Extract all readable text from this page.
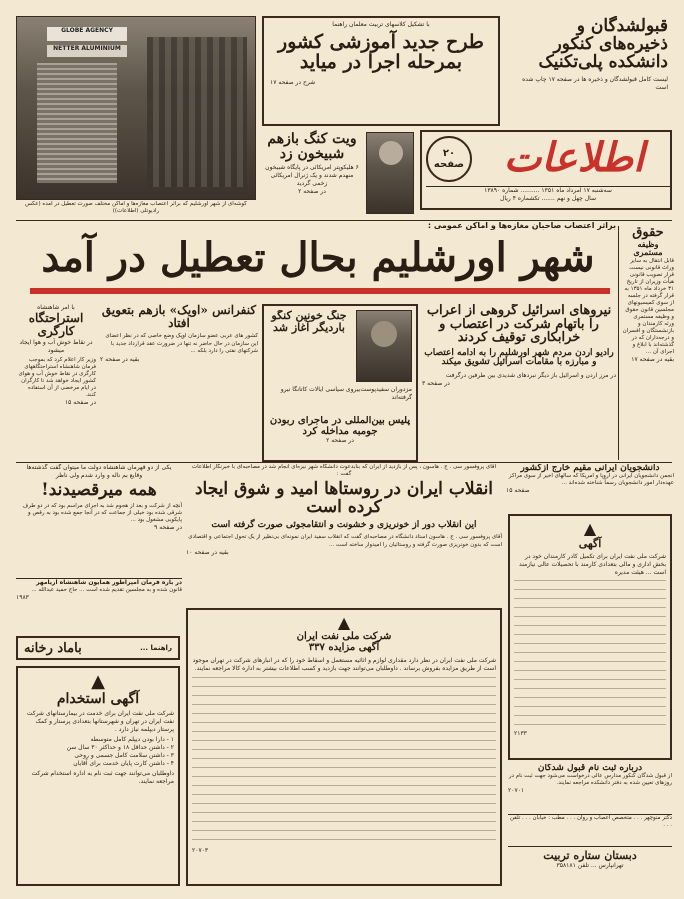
GLOBE AGENCY

NETTER ALUMINIUM

گوشه‌ای از شهر اورشلیم که براثر اعتصاب مغازه‌ها و اماکن مختلف صورت تعطیل در آمده (عکس رادیوتلی (اطلاعات))

با تشکیل کلاسهای تربیت معلمان راهنما

طرح جدید آموزشی کشور بمرحله اجرا در میاید

شرح در صفحه ۱۷

قبولشدگان و ذخیره‌های کنکور دانشکده پلی‌تکنیک

لیست کامل قبولشدگان و ذخیره ها در صفحه ۱۷ چاپ شده است

ویت کنگ بازهم شبیخون زد

۶ هلیکوپتر امریکائی در پایگاه شبیخون منهدم شدند و یک ژنرال امریکائی زخمی گردید

در صفحه ۲

۲۰ صفحه اطلاعات

سه‌شنبه ۱۷ امرداد ماه ۱۳۵۱ .......... شماره ۱۳۸۹۰

سال چهل و نهم ....... تکشماره ۴ ریال

براثر اعتصاب صاحبان مغازه‌ها و اماکن عمومی :

شهر اورشلیم بحال تعطیل در آمد

حقوق

وظیفه مستمری

قابل انتقال به سایر وراث قانونی نیست. قرار تصویب قانونی هیأت وزیران از تاریخ ۳۱ خرداد ماه ۱۳۵۱ به قرار گرفته در جلسه از سوی کمیسیونهای مجلسین قانون حقوق و وظیفه مستمری ورثه کارمندان و بازنشستگان و افسران و درجه‌داران که در گذشته‌اند با ابلاغ و اجرای آن ...

بقیه در صفحه ۱۷

نیروهای اسرائیل گروهی از اعراب را باتهام شرکت در اعتصاب و خرابکاری توقیف کردند

رادیو اردن مردم شهر اورشلیم را به ادامه اعتصاب و مبارزه با مقامات اسرائیل تشویق میکند

در مرز اردن و اسرائیل باز دیگر نبردهای شدیدی بین طرفین درگرفت

در صفحه ۳

جنگ خونین کنگو باردیگر آغاز شد

مزدوران سفیدپوست‌بیروی سیاسی ایالات کاتانگا نیرو گرفته‌اند

پلیس بین‌المللی در ماجرای ربودن جومبه مداخله کرد

در صفحه ۲

کنفرانس «اویک» بازهم بتعویق افتاد

کشور های عربی عضو سازمان اوپک وضع خاصی که در نظر اعضای این سازمان در حال حاضر نه تنها در ضرورت عقد قرارداد جدید با شرکتهای نفتی را دارد بلکه ...

بقیه در صفحه ۲

با امر شاهنشاه

استراحتگاه کارگری

در نقاط خوش آب و هوا ایجاد میشود

وزیر کار اعلام کرد که بموجب فرمان شاهنشاه استراحتگاههای کارگری در نقاط خوش آب و هوای کشور ایجاد خواهد شد تا کارگران در ایام مرخصی از آن استفاده کنند.

در صفحه ۱۵

دانشجویان ایرانی مقیم خارج ازکشور

انجمن دانشجویان ایرانی در اروپا و امریکا که سالهای اخیر از سوی مراکز عهده‌دار امور دانشجویان رسماً شناخته شده‌اند ...

صفحه ۱۵

آقای پروفسور سی . ج . هاسون ، پس از بازدید از ایران که بنابدعوت دانشگاه شهر نیزه‌ای انجام شد در مصاحبه‌ای با خبرنگار اطلاعات گفت :

انقلاب ایران در روستاها امید و شوق ایجاد کرده است

این انقلاب دور از خونریزی و خشونت و انتقامجوئی صورت گرفته است

آقای پروفسور سی . ج . هاسون استاد دانشگاه در مصاحبه‌ای گفت که انقلاب سفید ایران نمونه‌ای بی‌نظیر از یک تحول اجتماعی و اقتصادی است که بدون خونریزی صورت گرفته و روستائیان را امیدوار ساخته است ...

بقیه در صفحه ۱۰

یکی از دو قهرمان شاهنشاه دولت ما میتوان گفت گذشته‌ها

وقایع بم ناله و وارد شدم ولی ناظر

همه میرقصیدند!

آنچه از شرکت و بعد از هجوم شد به اجرای مراسم بود که در دو طرف شرقی شده بود خیلی از جماعت که در آنجا جمع شده بود به رقص و پایکوبی مشغول بود ...

در صفحه ۹

در باره فرمان امپراطور همایون شاهنشاه آریامهر

قانون شده و به مجلسین تقدیم شده است ... حاج حمید عبدالله ...

۱۹۸۳

راهنما ...
باماد رخانه
▲

آگهی استخدام

شرکت ملی نفت ایران برای خدمت در بیمارستانهای شرکت نفت ایران در تهران و شهرستانها بتعدادی پرستار و کمک پرستار دیپلمه نیاز دارد .

۱ - دارا بودن دیپلم کامل متوسطه

۲ - داشتن حداقل ۱۸ و حداکثر ۳۰ سال سن

۳ - داشتن سلامت کامل جسمی و روحی

۴ - داشتن کارت پایان خدمت برای آقایان

داوطلبان می‌توانند جهت ثبت نام به اداره استخدام شرکت مراجعه نمایند.

▲

شرکت ملی نفت ایران

آگهی مزایده ۳۳۷

شرکت ملی نفت ایران در نظر دارد مقداری لوازم و اثاثیه مستعمل و اسقاط خود را که در انبارهای شرکت در تهران موجود است از طریق مزایده بفروش برساند . داوطلبان می‌توانند جهت بازدید و کسب اطلاعات بیشتر به اداره کالا مراجعه نمایند.

۲۰۷۰۳

▲

آگهی

شرکت ملی نفت ایران برای تکمیل کادر کارمندان خود در بخش اداری و مالی بتعدادی کارمند با تحصیلات عالی نیازمند است ... هیئت مدیره

۲۱۳۳

درباره ثبت نام قبول شدگان

از قبول شدگان کنکور مدارس عالی درخواست می‌شود جهت ثبت نام در روزهای تعیین شده به دفتر دانشکده مراجعه نمایند.

۲۰۷۰۱

دکتر منوچهر . . . متخصص اعصاب و روان . . . مطب : خیابان . . . تلفن . . .

دبستان ستاره تربیت

تهرانپارس ... تلفن ۳۵۸۱۸۱
